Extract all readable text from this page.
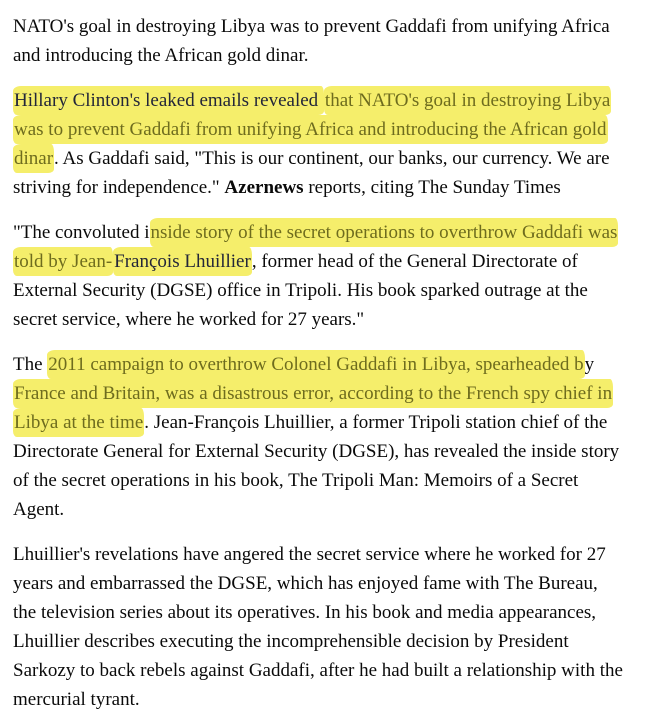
NATO's goal in destroying Libya was to prevent Gaddafi from unifying Africa
and introducing the African gold dinar.

Hillary Clinton's leaked emails revealed that NATO's goal in destroying Libya
was to prevent Gaddafi from unifying Africa and introducing the African gold
dinar. As Gaddafi said, "This is our continent, our banks, our currency. We are
striving for independence." Azernews reports, citing The Sunday Times

"The convoluted inside story of the secret operations to overthrow Gaddafi was
told by Jean- François Lhuillier, former head of the General Directorate of
External Security (DGSE) office in Tripoli. His book sparked outrage at the
secret service, where he worked for 27 years."

The 2011 campaign to overthrow Colonel Gaddafi in Libya, spearheaded by
France and Britain, was a disastrous error, according to the French spy chief in
Libya at the time. Jean-François Lhuillier, a former Tripoli station chief of the
Directorate General for External Security (DGSE), has revealed the inside story
of the secret operations in his book, The Tripoli Man: Memoirs of a Secret
Agent.

Lhuillier's revelations have angered the secret service where he worked for 27
years and embarrassed the DGSE, which has enjoyed fame with The Bureau,
the television series about its operatives. In his book and media appearances,
Lhuillier describes executing the incomprehensible decision by President
Sarkozy to back rebels against Gaddafi, after he had built a relationship with the
mercurial tyrant.
